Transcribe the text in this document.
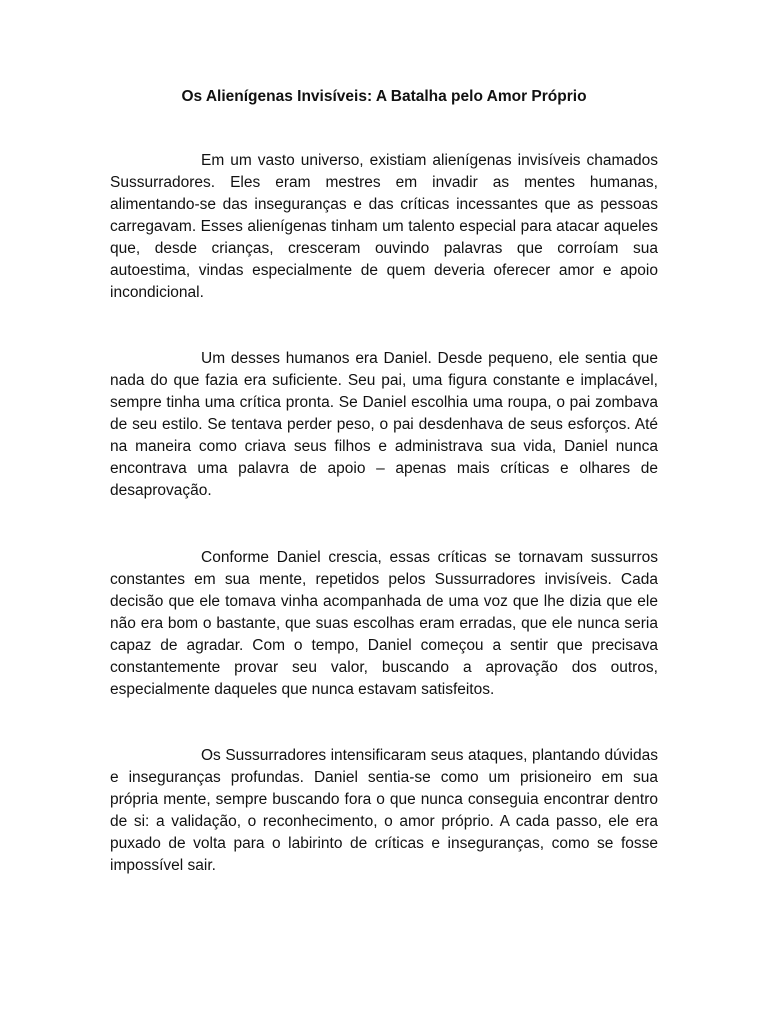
Os Alienígenas Invisíveis: A Batalha pelo Amor Próprio

Em um vasto universo, existiam alienígenas invisíveis chamados Sussurradores. Eles eram mestres em invadir as mentes humanas, alimentando-se das inseguranças e das críticas incessantes que as pessoas carregavam. Esses alienígenas tinham um talento especial para atacar aqueles que, desde crianças, cresceram ouvindo palavras que corroíam sua autoestima, vindas especialmente de quem deveria oferecer amor e apoio incondicional.

Um desses humanos era Daniel. Desde pequeno, ele sentia que nada do que fazia era suficiente. Seu pai, uma figura constante e implacável, sempre tinha uma crítica pronta. Se Daniel escolhia uma roupa, o pai zombava de seu estilo. Se tentava perder peso, o pai desdenhava de seus esforços. Até na maneira como criava seus filhos e administrava sua vida, Daniel nunca encontrava uma palavra de apoio – apenas mais críticas e olhares de desaprovação.

Conforme Daniel crescia, essas críticas se tornavam sussurros constantes em sua mente, repetidos pelos Sussurradores invisíveis. Cada decisão que ele tomava vinha acompanhada de uma voz que lhe dizia que ele não era bom o bastante, que suas escolhas eram erradas, que ele nunca seria capaz de agradar. Com o tempo, Daniel começou a sentir que precisava constantemente provar seu valor, buscando a aprovação dos outros, especialmente daqueles que nunca estavam satisfeitos.

Os Sussurradores intensificaram seus ataques, plantando dúvidas e inseguranças profundas. Daniel sentia-se como um prisioneiro em sua própria mente, sempre buscando fora o que nunca conseguia encontrar dentro de si: a validação, o reconhecimento, o amor próprio. A cada passo, ele era puxado de volta para o labirinto de críticas e inseguranças, como se fosse impossível sair.
